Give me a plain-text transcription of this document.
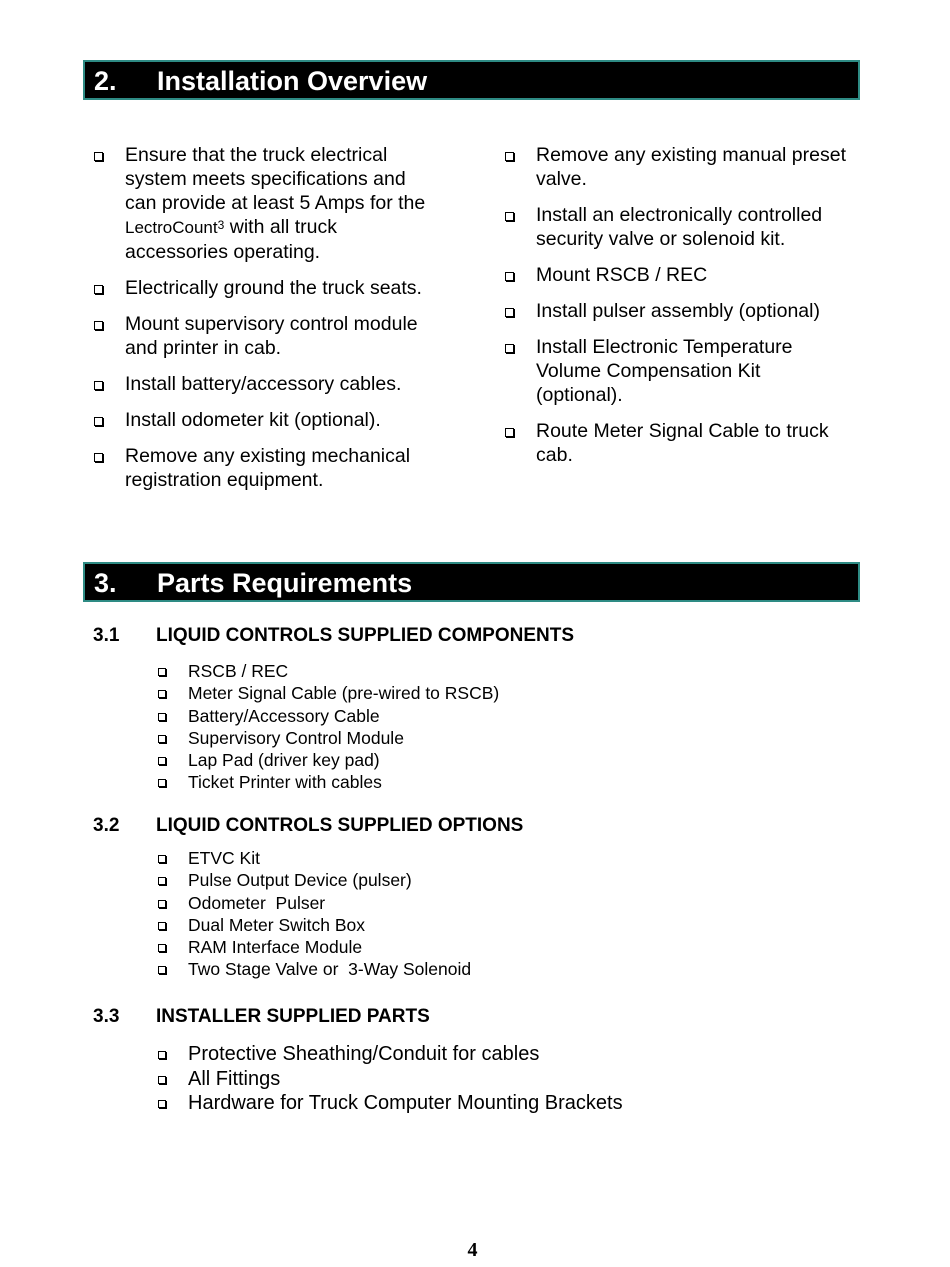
2. Installation Overview
Ensure that the truck electrical system meets specifications and can provide at least 5 Amps for the LectroCount$^3$ with all truck accessories operating.
Electrically ground the truck seats.
Mount supervisory control module and printer in cab.
Install battery/accessory cables.
Install odometer kit (optional).
Remove any existing mechanical registration equipment.
Remove any existing manual preset valve.
Install an electronically controlled security valve or solenoid kit.
Mount RSCB / REC
Install pulser assembly (optional)
Install Electronic Temperature Volume Compensation Kit (optional).
Route Meter Signal Cable to truck cab.
3. Parts Requirements
3.1 LIQUID CONTROLS SUPPLIED COMPONENTS
RSCB / REC
Meter Signal Cable (pre-wired to RSCB)
Battery/Accessory Cable
Supervisory Control Module
Lap Pad (driver key pad)
Ticket Printer with cables
3.2 LIQUID CONTROLS SUPPLIED OPTIONS
ETVC Kit
Pulse Output Device (pulser)
Odometer  Pulser
Dual Meter Switch Box
RAM Interface Module
Two Stage Valve or  3-Way Solenoid
3.3 INSTALLER SUPPLIED PARTS
Protective Sheathing/Conduit for cables
All Fittings
Hardware for Truck Computer Mounting Brackets
4
